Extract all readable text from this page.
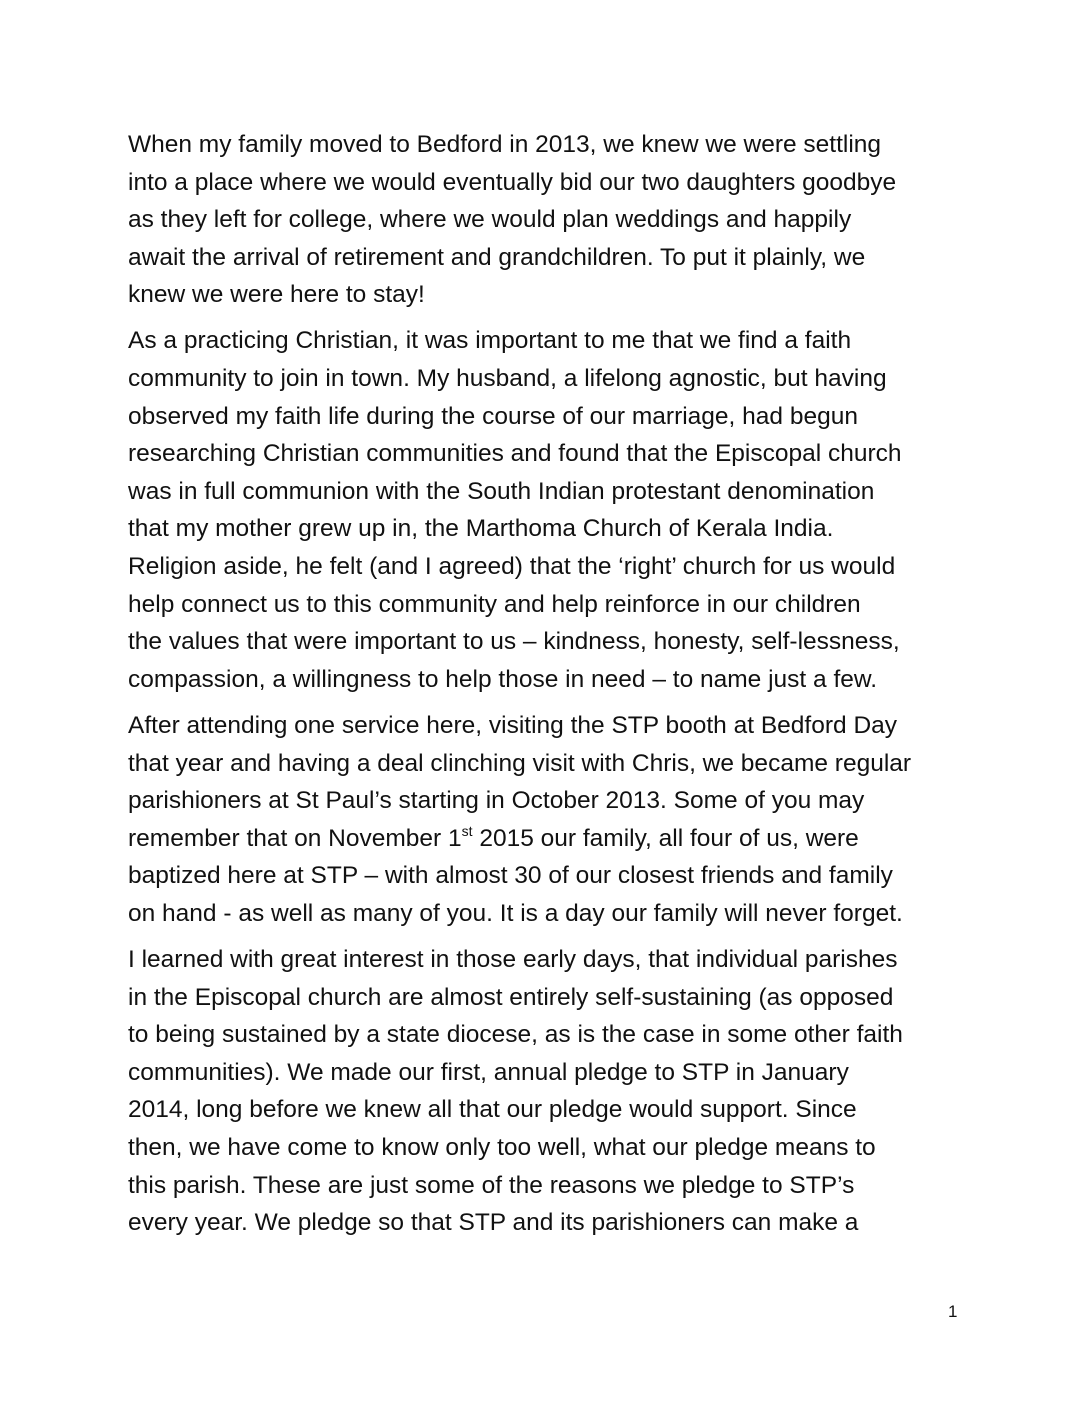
When my family moved to Bedford in 2013, we knew we were settling
into a place where we would eventually bid our two daughters goodbye
as they left for college, where we would plan weddings and happily
await the arrival of retirement and grandchildren. To put it plainly, we
knew we were here to stay!

As a practicing Christian, it was important to me that we find a faith
community to join in town. My husband, a lifelong agnostic, but having
observed my faith life during the course of our marriage, had begun
researching Christian communities and found that the Episcopal church
was in full communion with the South Indian protestant denomination
that my mother grew up in, the Marthoma Church of Kerala India.
Religion aside, he felt (and I agreed) that the ‘right’ church for us would
help connect us to this community and help reinforce in our children
the values that were important to us – kindness, honesty, self-lessness,
compassion, a willingness to help those in need – to name just a few.

After attending one service here, visiting the STP booth at Bedford Day
that year and having a deal clinching visit with Chris, we became regular
parishioners at St Paul’s starting in October 2013. Some of you may
remember that on November 1st 2015 our family, all four of us, were
baptized here at STP – with almost 30 of our closest friends and family
on hand - as well as many of you. It is a day our family will never forget.

I learned with great interest in those early days, that individual parishes
in the Episcopal church are almost entirely self-sustaining (as opposed
to being sustained by a state diocese, as is the case in some other faith
communities). We made our first, annual pledge to STP in January
2014, long before we knew all that our pledge would support. Since
then, we have come to know only too well, what our pledge means to
this parish. These are just some of the reasons we pledge to STP’s
every year. We pledge so that STP and its parishioners can make a

1
